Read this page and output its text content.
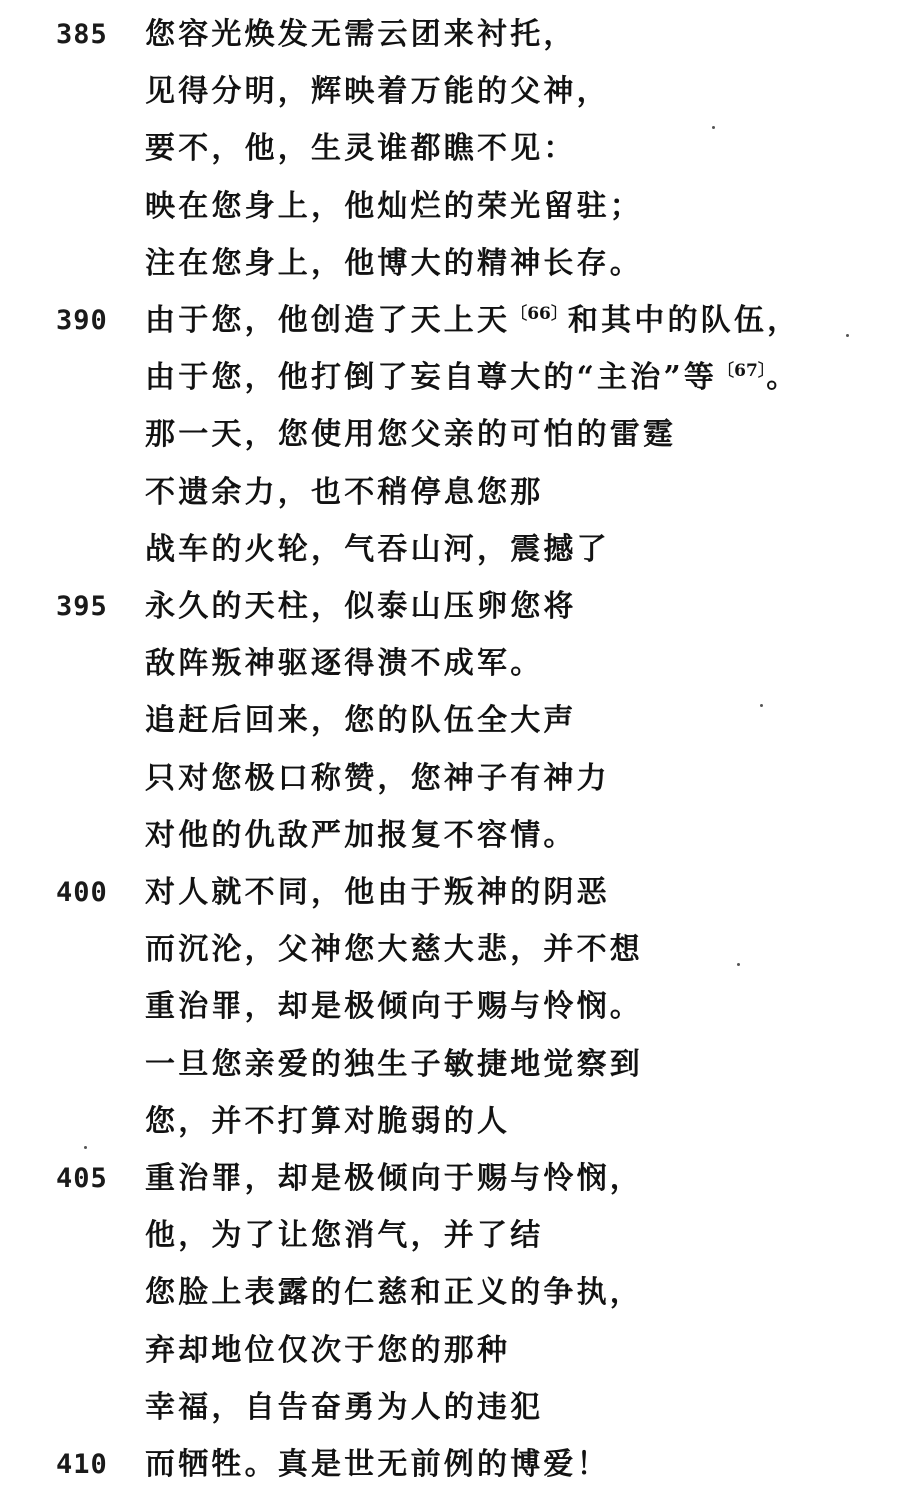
385	您容光焕发无需云团来衬托，
见得分明，辉映着万能的父神，
要不，他，生灵谁都瞧不见：
映在您身上，他灿烂的荣光留驻；
注在您身上，他博大的精神长存。
390	由于您，他创造了天上天$^{〔66〕}$和其中的队伍，
由于您，他打倒了妄自尊大的“主治”等$^{〔67〕}$。
那一天，您使用您父亲的可怕的雷霆
不遗余力，也不稍停息您那
战车的火轮，气吞山河，震撼了
395	永久的天柱，似泰山压卵您将
敌阵叛神驱逐得溃不成军。
追赶后回来，您的队伍全大声
只对您极口称赞，您神子有神力
对他的仇敌严加报复不容情。
400	对人就不同，他由于叛神的阴恶
而沉沦，父神您大慈大悲，并不想
重治罪，却是极倾向于赐与怜悯。
一旦您亲爱的独生子敏捷地觉察到
您，并不打算对脆弱的人
405	重治罪，却是极倾向于赐与怜悯，
他，为了让您消气，并了结
您脸上表露的仁慈和正义的争执，
弃却地位仅次于您的那种
幸福，自告奋勇为人的违犯
410	而牺牲。真是世无前例的博爱！
